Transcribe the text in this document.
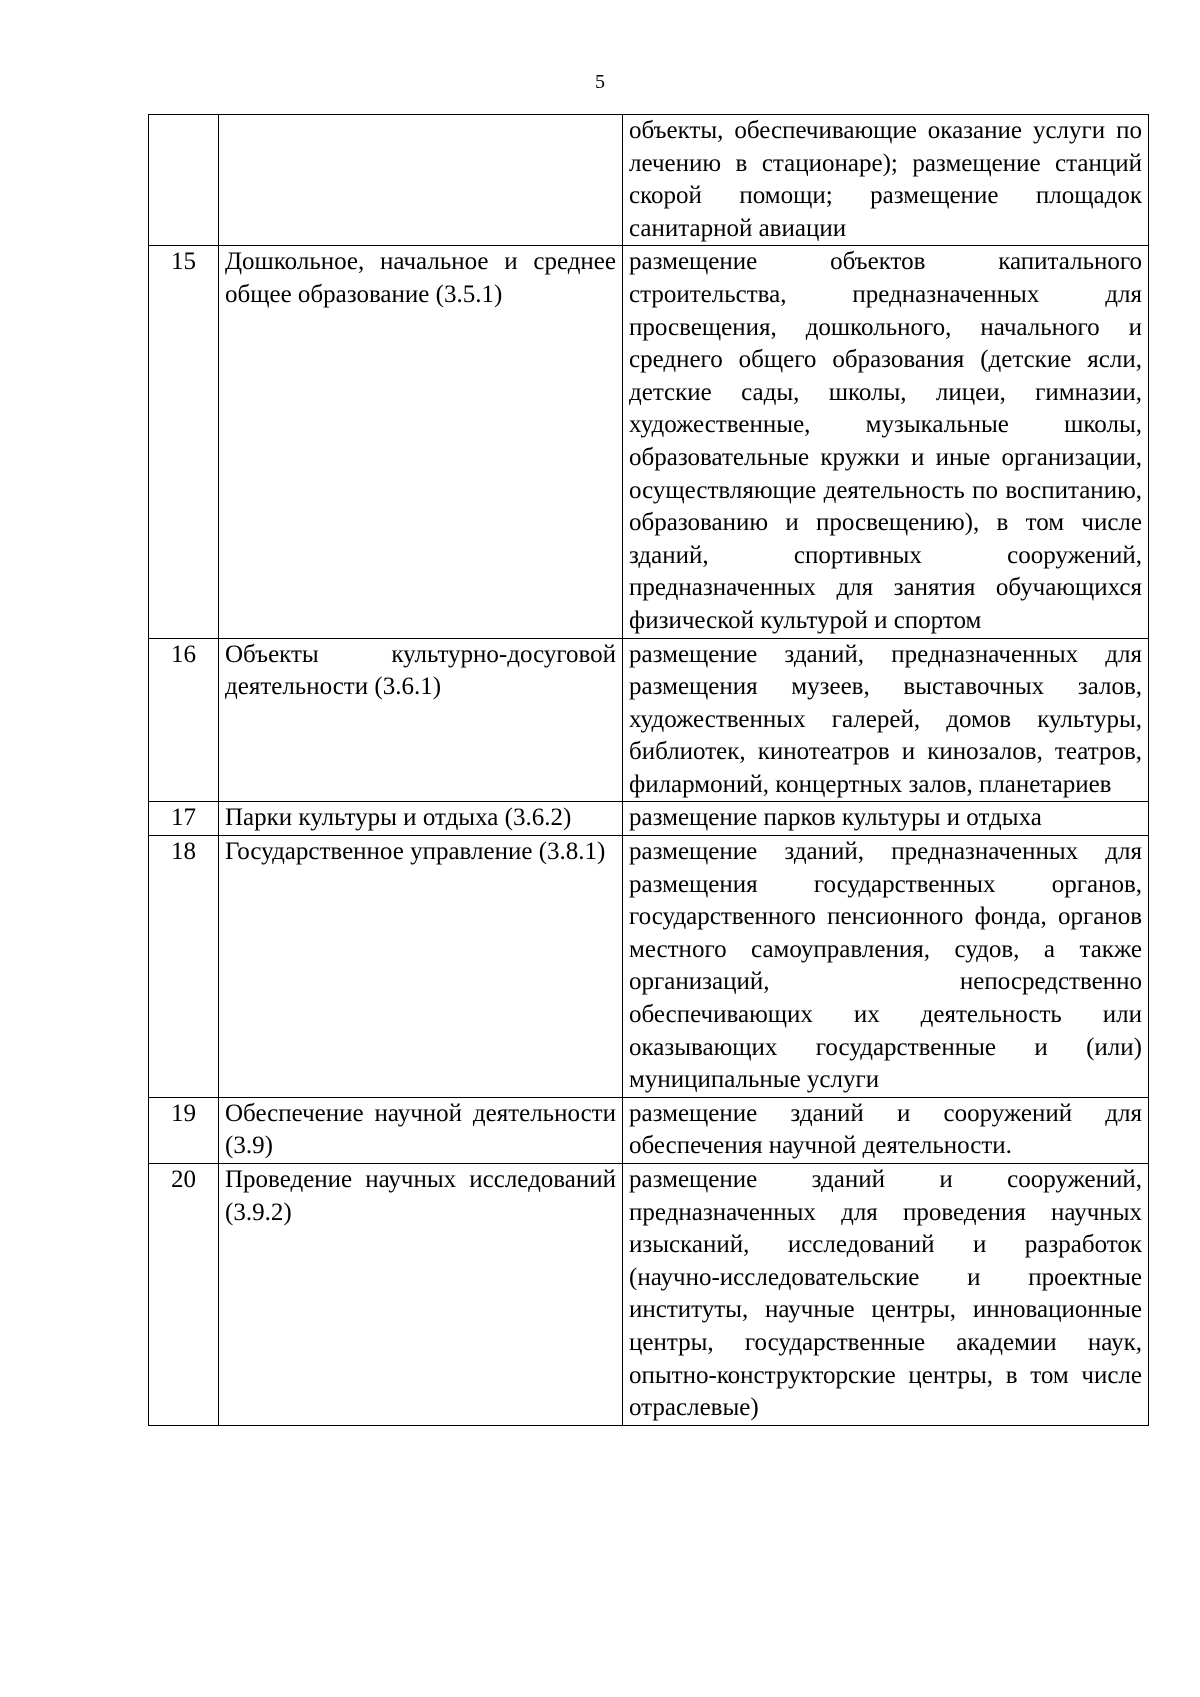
5
		объекты, обеспечивающие оказание услуги по лечению в стационаре); размещение станций скорой помощи; размещение площадок санитарной авиации
15	Дошкольное, начальное и среднее общее образование (3.5.1)	размещение объектов капитального строительства, предназначенных для просвещения, дошкольного, начального и среднего общего образования (детские ясли, детские сады, школы, лицеи, гимназии, художественные, музыкальные школы, образовательные кружки и иные организации, осуществляющие деятельность по воспитанию, образованию и просвещению), в том числе зданий, спортивных сооружений, предназначенных для занятия обучающихся физической культурой и спортом
16	Объекты культурно-досуговой деятельности (3.6.1)	размещение зданий, предназначенных для размещения музеев, выставочных залов, художественных галерей, домов культуры, библиотек, кинотеатров и кинозалов, театров, филармоний, концертных залов, планетариев
17	Парки культуры и отдыха (3.6.2)	размещение парков культуры и отдыха
18	Государственное управление (3.8.1)	размещение зданий, предназначенных для размещения государственных органов, государственного пенсионного фонда, органов местного самоуправления, судов, а также организаций, непосредственно обеспечивающих их деятельность или оказывающих государственные и (или) муниципальные услуги
19	Обеспечение научной деятельности (3.9)	размещение зданий и сооружений для обеспечения научной деятельности.
20	Проведение научных исследований (3.9.2)	размещение зданий и сооружений, предназначенных для проведения научных изысканий, исследований и разработок (научно-исследовательские и проектные институты, научные центры, инновационные центры, государственные академии наук, опытно-конструкторские центры, в том числе отраслевые)
